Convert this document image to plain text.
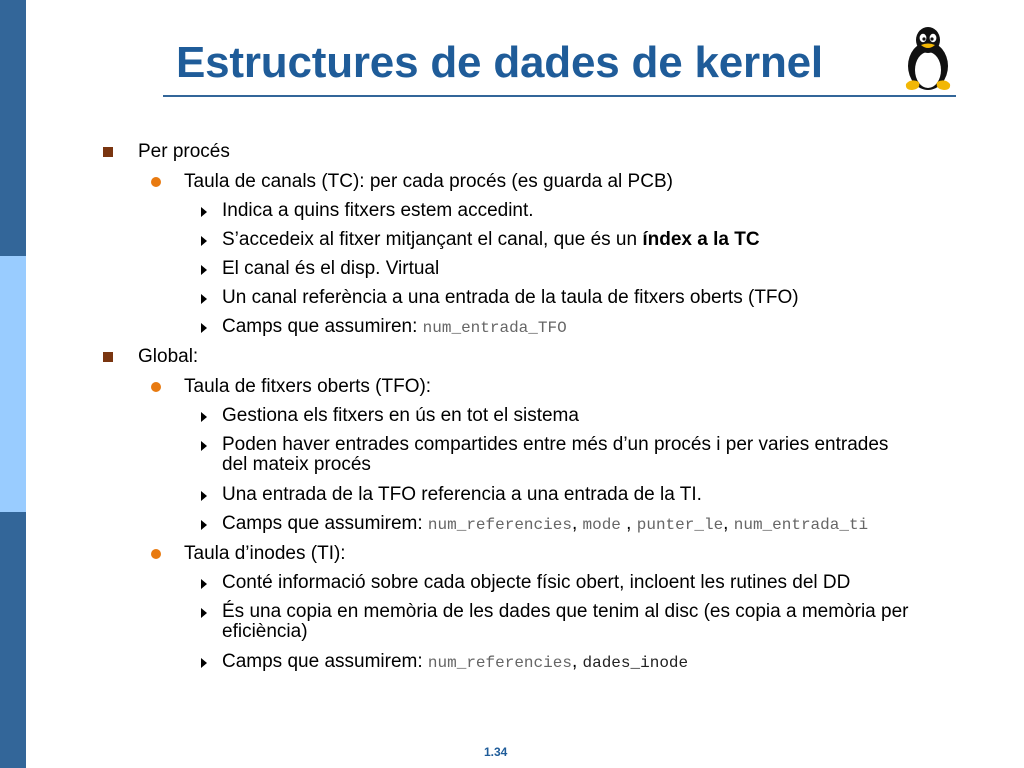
Estructures de dades de kernel
Per procés
Taula de canals (TC): per cada procés (es guarda al PCB)
Indica a quins fitxers estem accedint.
S’accedeix al fitxer mitjançant el canal, que és un índex a la TC
El canal és el disp. Virtual
Un canal referència a una entrada de la taula de fitxers oberts (TFO)
Camps que assumiren: num_entrada_TFO
Global:
Taula de fitxers oberts (TFO):
Gestiona els fitxers en ús en tot el sistema
Poden haver entrades compartides entre més d’un procés i per varies entrades
del mateix procés
Una entrada de la TFO referencia a una entrada de la TI.
Camps que assumirem: num_referencies, mode , punter_le, num_entrada_ti
Taula d’inodes (TI):
Conté informació sobre cada objecte físic obert, incloent les rutines del DD
És una copia en memòria de les dades que tenim al disc (es copia a memòria per
eficiència)
Camps que assumirem: num_referencies, dades_inode
1.34
